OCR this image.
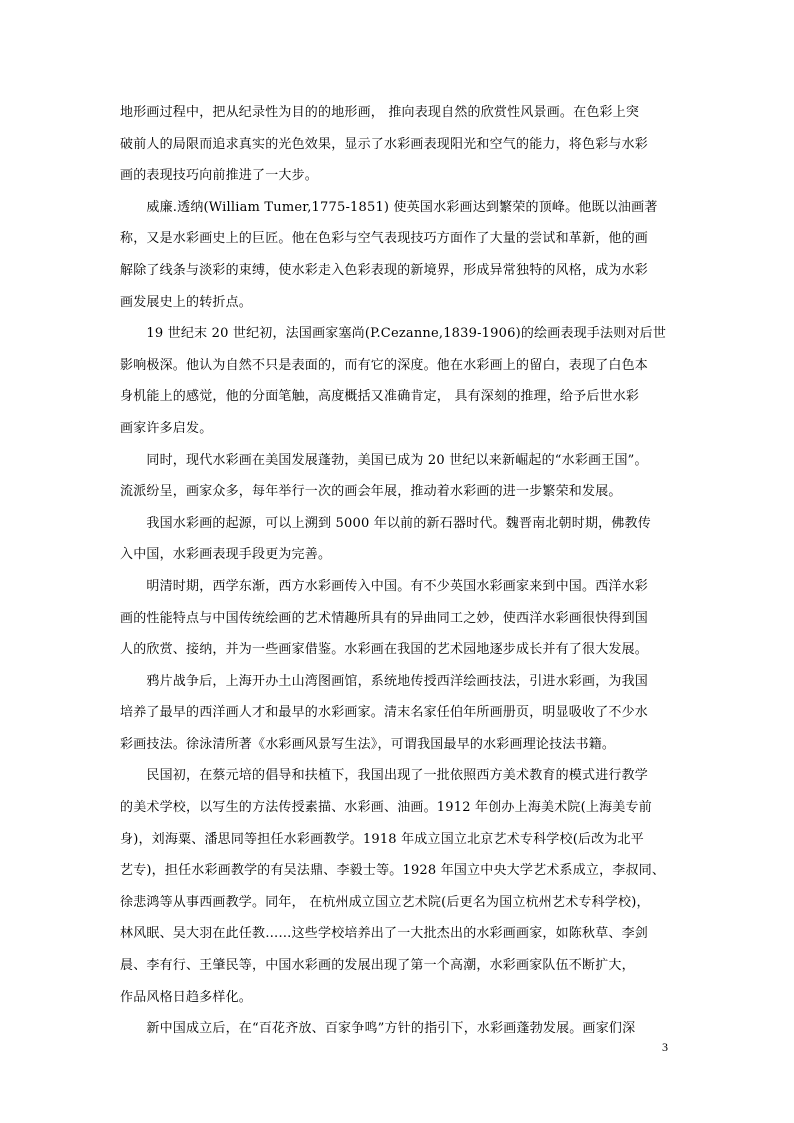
地形画过程中，把从纪录性为目的的地形画， 推向表现自然的欣赏性风景画。在色彩上突
破前人的局限而追求真实的光色效果，显示了水彩画表现阳光和空气的能力，将色彩与水彩
画的表现技巧向前推进了一大步。
　　威廉.透纳(William Tumer,1775-1851) 使英国水彩画达到繁荣的顶峰。他既以油画著
称，又是水彩画史上的巨匠。他在色彩与空气表现技巧方面作了大量的尝试和革新，他的画
解除了线条与淡彩的束缚，使水彩走入色彩表现的新境界，形成异常独特的风格，成为水彩
画发展史上的转折点。
　　19 世纪末 20 世纪初，法国画家塞尚(P.Cezanne,1839-1906)的绘画表现手法则对后世
影响极深。他认为自然不只是表面的，而有它的深度。他在水彩画上的留白，表现了白色本
身机能上的感觉，他的分面笔触，高度概括又准确肯定， 具有深刻的推理，给予后世水彩
画家许多启发。
　　同时，现代水彩画在美国发展蓬勃，美国已成为 20 世纪以来新崛起的“水彩画王国”。
流派纷呈，画家众多，每年举行一次的画会年展，推动着水彩画的进一步繁荣和发展。
　　我国水彩画的起源，可以上溯到 5000 年以前的新石器时代。魏晋南北朝时期，佛教传
入中国，水彩画表现手段更为完善。
　　明清时期，西学东渐，西方水彩画传入中国。有不少英国水彩画家来到中国。西洋水彩
画的性能特点与中国传统绘画的艺术情趣所具有的异曲同工之妙，使西洋水彩画很快得到国
人的欣赏、接纳，并为一些画家借鉴。水彩画在我国的艺术园地逐步成长并有了很大发展。
　　鸦片战争后，上海开办土山湾图画馆，系统地传授西洋绘画技法，引进水彩画，为我国
培养了最早的西洋画人才和最早的水彩画家。清末名家任伯年所画册页，明显吸收了不少水
彩画技法。徐泳清所著《水彩画风景写生法》，可谓我国最早的水彩画理论技法书籍。
　　民国初，在蔡元培的倡导和扶植下，我国出现了一批依照西方美术教育的模式进行教学
的美术学校，以写生的方法传授素描、水彩画、油画。1912 年创办上海美术院(上海美专前
身)，刘海粟、潘思同等担任水彩画教学。1918 年成立国立北京艺术专科学校(后改为北平
艺专)，担任水彩画教学的有吴法鼎、李毅士等。1928 年国立中央大学艺术系成立，李叔同、
徐悲鸿等从事西画教学。同年， 在杭州成立国立艺术院(后更名为国立杭州艺术专科学校)，
林风眠、吴大羽在此任教……这些学校培养出了一大批杰出的水彩画画家，如陈秋草、李剑
晨、李有行、王肇民等，中国水彩画的发展出现了第一个高潮，水彩画家队伍不断扩大，
作品风格日趋多样化。
　　新中国成立后，在“百花齐放、百家争鸣”方针的指引下，水彩画蓬勃发展。画家们深
3
